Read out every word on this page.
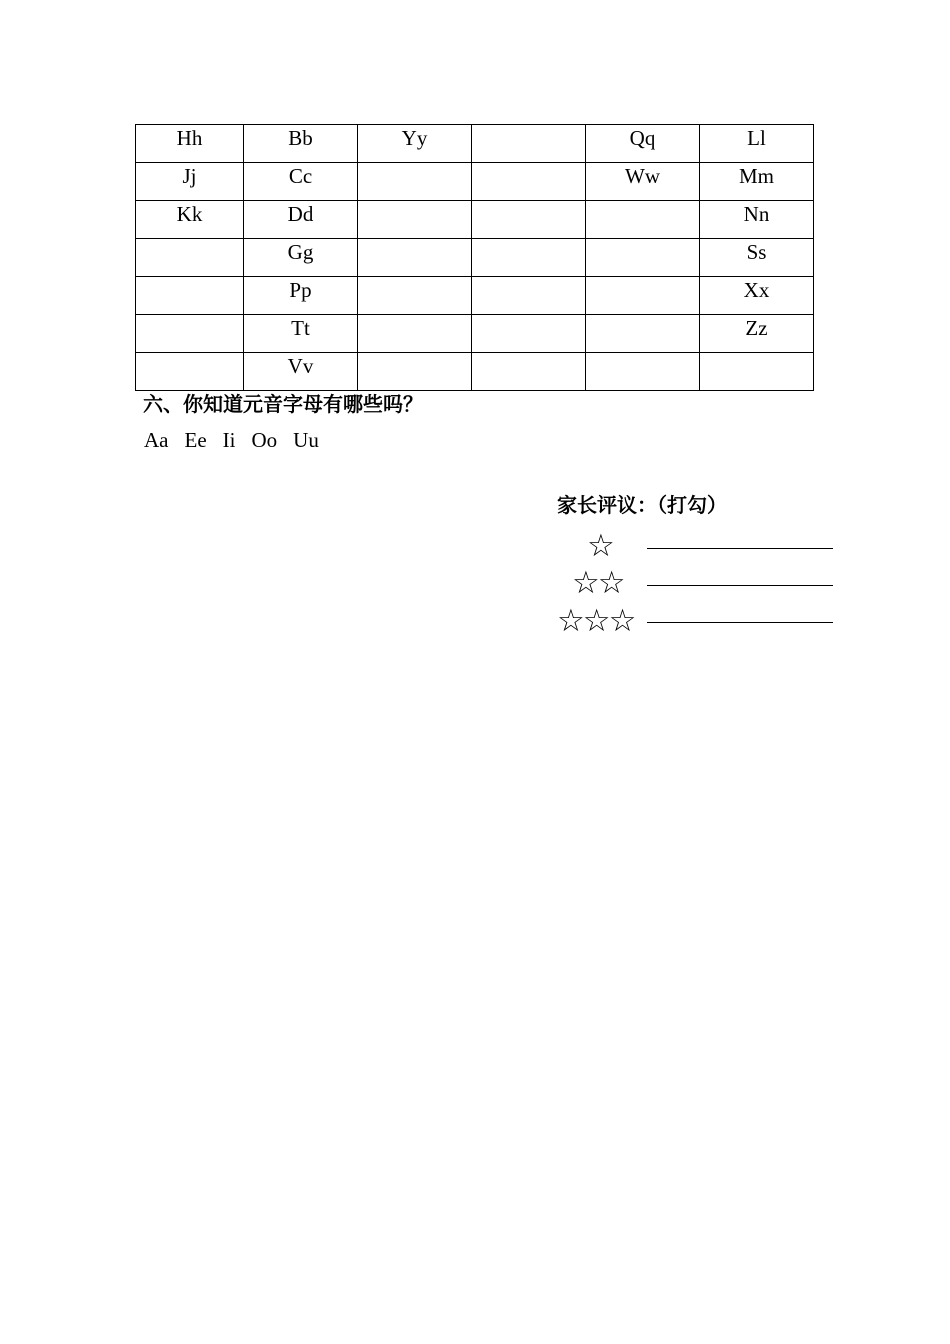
Hh	Bb	Yy		Qq	Ll
Jj	Cc			Ww	Mm
Kk	Dd				Nn
	Gg				Ss
	Pp				Xx
	Tt				Zz
	Vv				
六、你知道元音字母有哪些吗？
Aa Ee Ii Oo Uu
家长评议：（打勾）
☆
☆☆
☆☆☆
